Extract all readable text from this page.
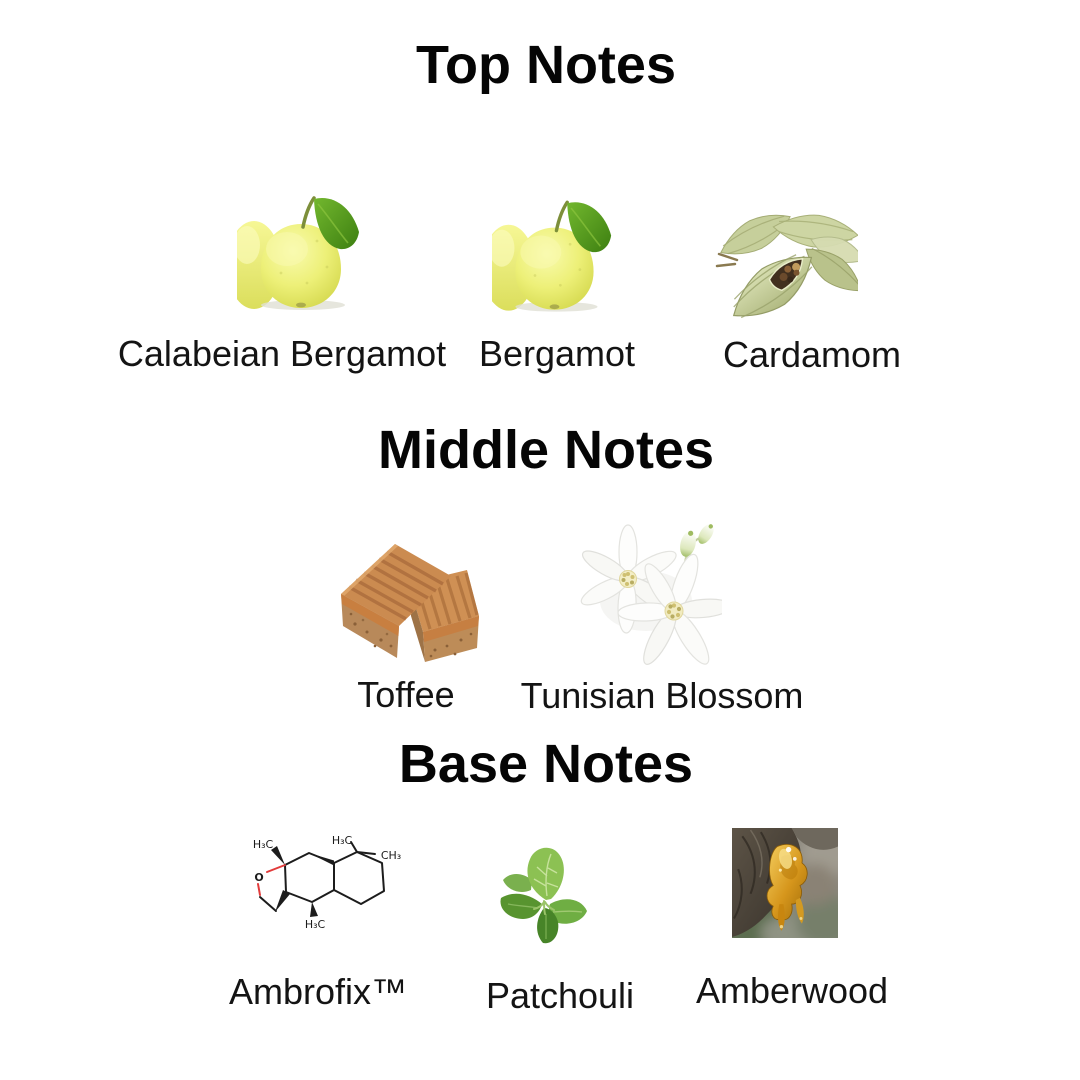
Top Notes
Calabeian Bergamot Bergamot Cardamom
Middle Notes
Toffee Tunisian Blossom
Base Notes
H₃C	H₃C
CH₃
H₃C
O
Ambrofix™ Patchouli Amberwood
